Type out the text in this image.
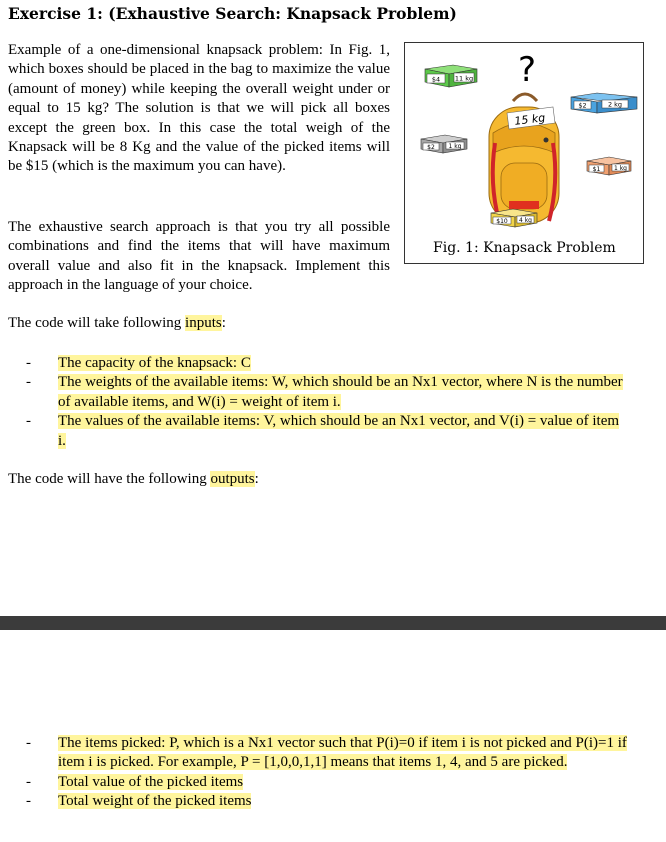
Exercise 1: (Exhaustive Search: Knapsack Problem)
Example of a one-dimensional knapsack problem: In Fig. 1, which boxes should be placed in the bag to maximize the value (amount of money) while keeping the overall weight under or equal to 15 kg? The solution is that we will pick all boxes except the green box. In this case the total weigh of the Knapsack will be 8 Kg and the value of the picked items will be $15 (which is the maximum you can have).
$4 11 kg ?
$2	2 kg
$2 1 kg
15 kg
$1 1 kg
$10 4 kg
Fig. 1: Knapsack Problem
The exhaustive search approach is that you try all possible combinations and find the items that will have maximum overall value and also fit in the knapsack. Implement this approach in the language of your choice.
The code will take following inputs:
- The capacity of the knapsack: C
- The weights of the available items: W, which should be an Nx1 vector, where N is the number of available items, and W(i) = weight of item i.
- The values of the available items: V, which should be an Nx1 vector, and V(i) = value of item i.
The code will have the following outputs:
- The items picked: P, which is a Nx1 vector such that P(i)=0 if item i is not picked and P(i)=1 if item i is picked. For example, P = [1,0,0,1,1] means that items 1, 4, and 5 are picked.
- Total value of the picked items
- Total weight of the picked items
